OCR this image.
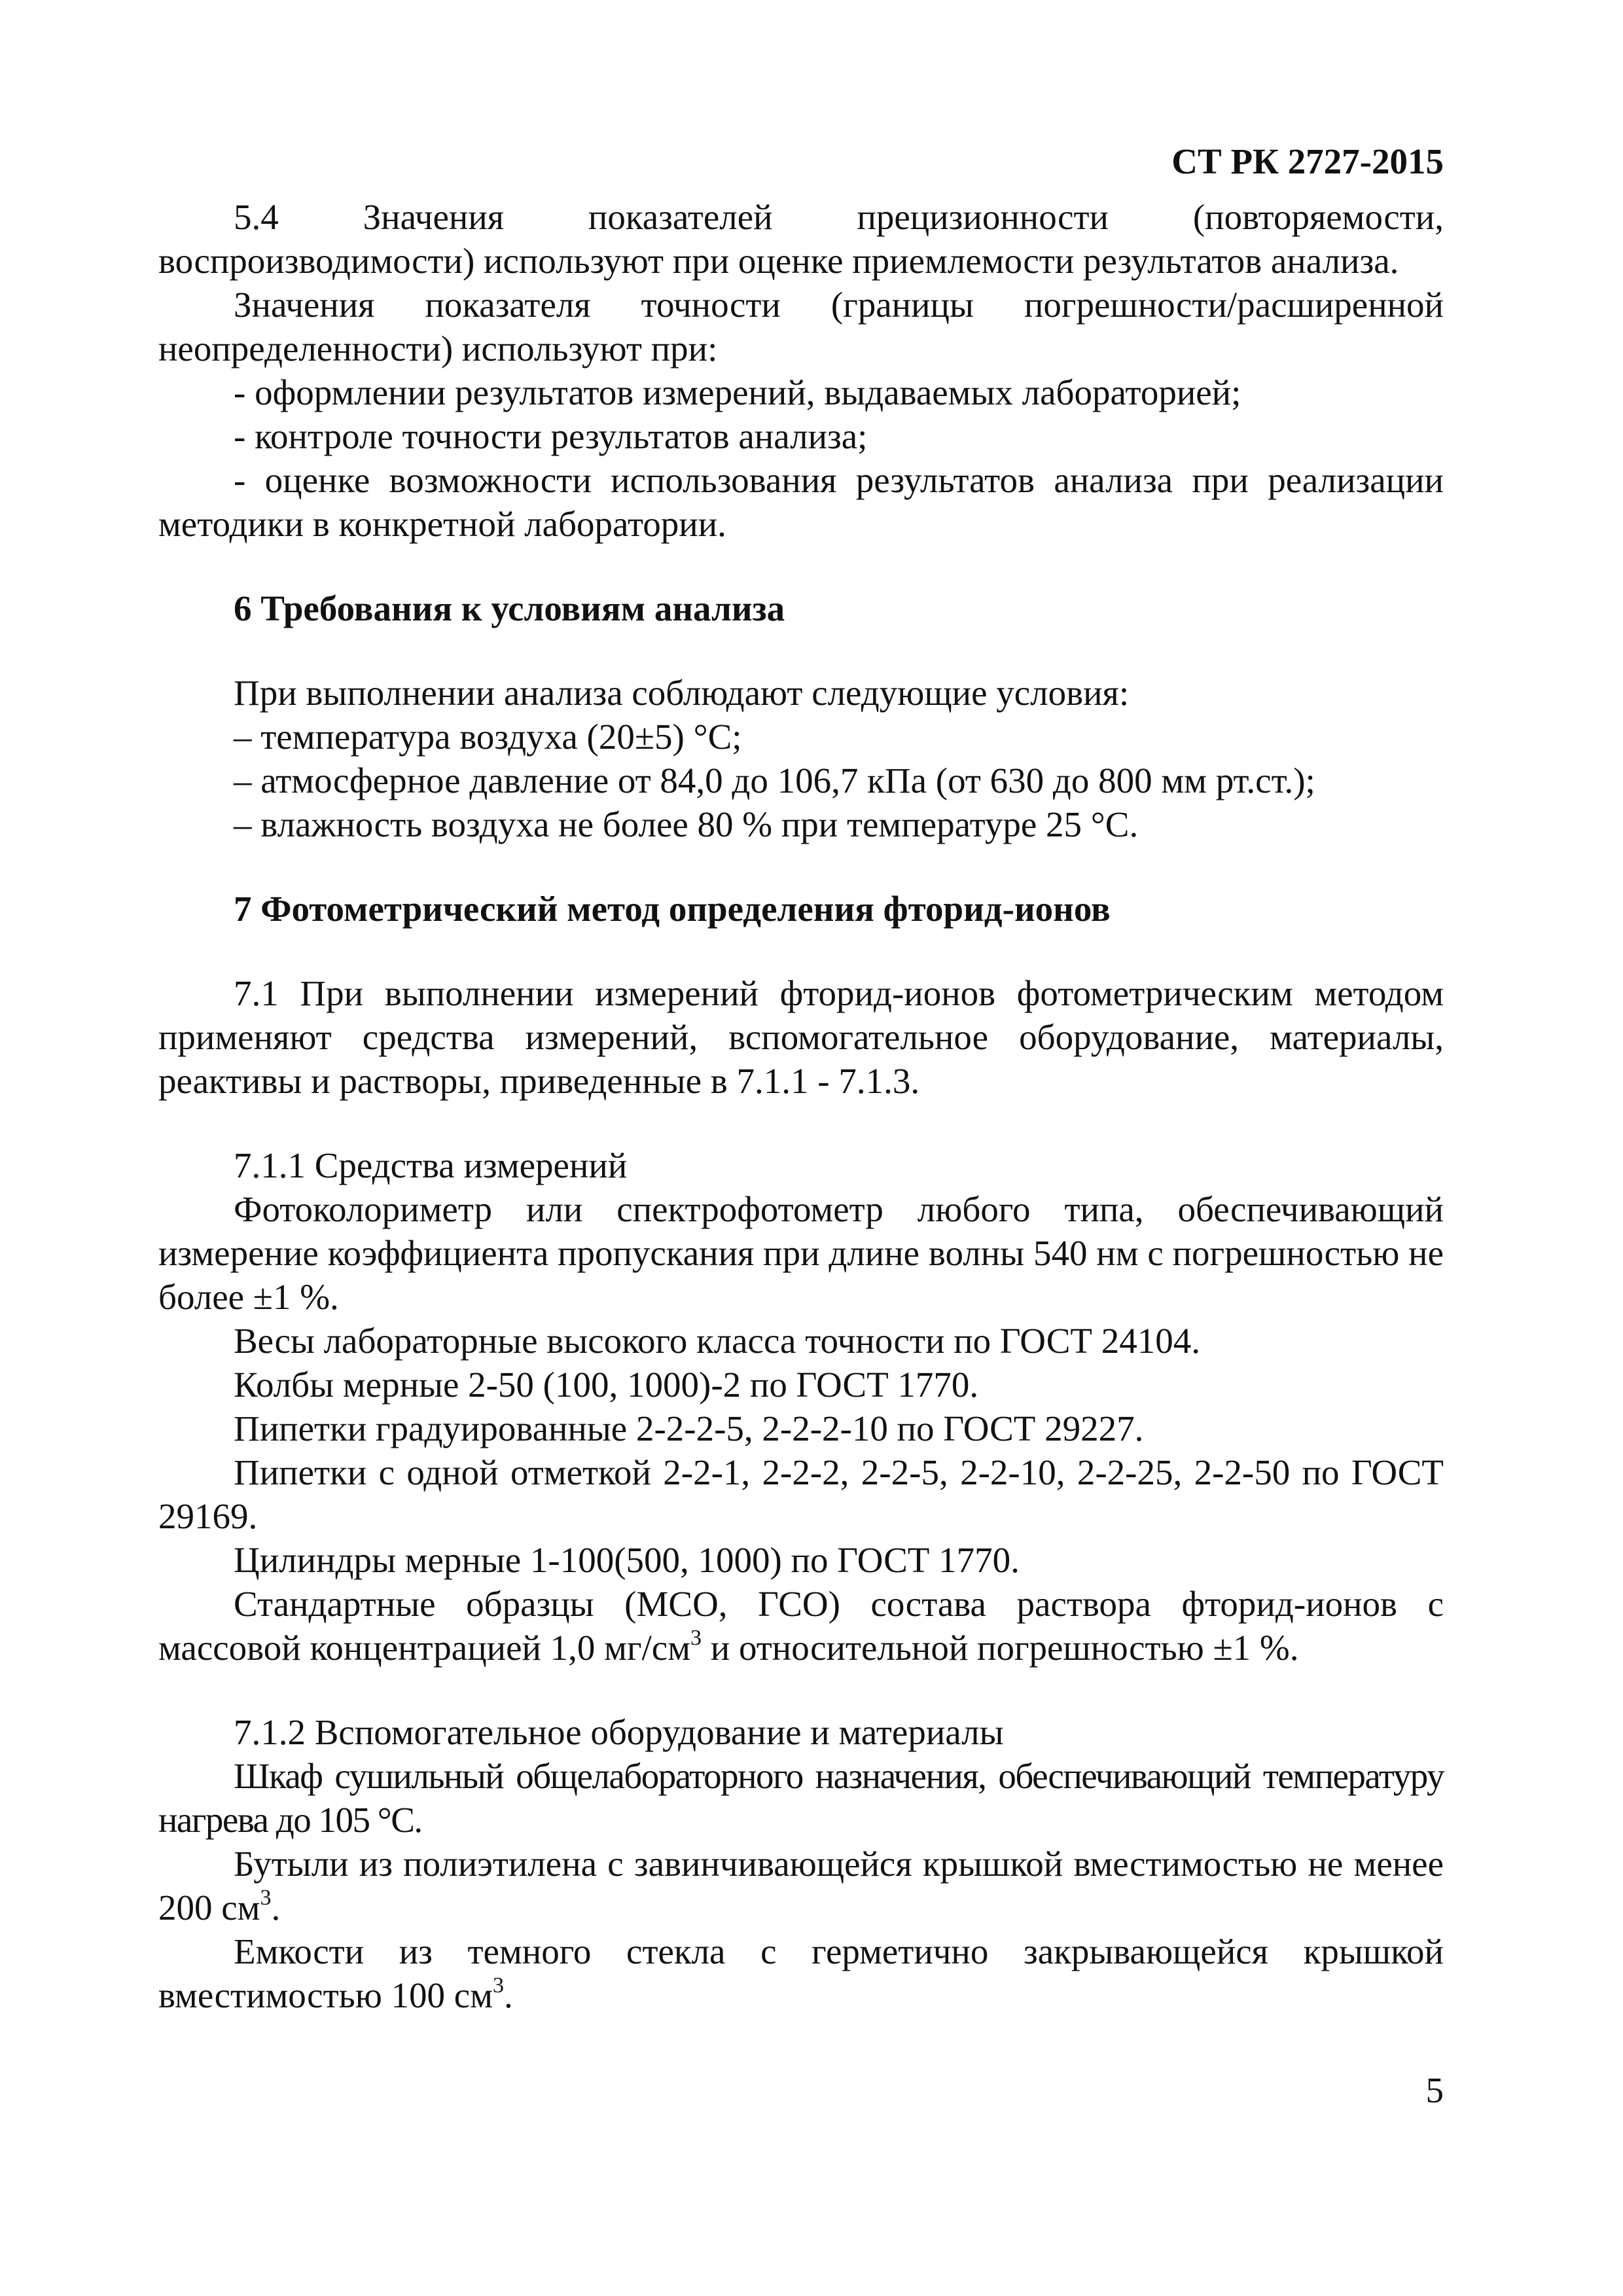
СТ РК 2727-2015

5.4 Значения показателей прецизионности (повторяемости, воспроизводимости) используют при оценке приемлемости результатов анализа.

Значения показателя точности (границы погрешности/расширенной неопределенности) используют при:

- оформлении результатов измерений, выдаваемых лабораторией;

- контроле точности результатов анализа;

- оценке возможности использования результатов анализа при реализации методики в конкретной лаборатории.

6 Требования к условиям анализа

При выполнении анализа соблюдают следующие условия:

– температура воздуха (20±5) °С;

– атмосферное давление от 84,0 до 106,7 кПа (от 630 до 800 мм рт.ст.);

– влажность воздуха не более 80 % при температуре 25 °С.

7 Фотометрический метод определения фторид-ионов

7.1 При выполнении измерений фторид-ионов фотометрическим методом применяют средства измерений, вспомогательное оборудование, материалы, реактивы и растворы, приведенные в 7.1.1 - 7.1.3.

7.1.1 Средства измерений

Фотоколориметр или спектрофотометр любого типа, обеспечивающий измерение коэффициента пропускания при длине волны 540 нм с погрешностью не более ±1 %.

Весы лабораторные высокого класса точности по ГОСТ 24104.

Колбы мерные 2-50 (100, 1000)-2 по ГОСТ 1770.

Пипетки градуированные 2-2-2-5, 2-2-2-10 по ГОСТ 29227.

Пипетки с одной отметкой 2-2-1, 2-2-2, 2-2-5, 2-2-10, 2-2-25, 2-2-50 по ГОСТ 29169.

Цилиндры мерные 1-100(500, 1000) по ГОСТ 1770.

Стандартные образцы (МСО, ГСО) состава раствора фторид-ионов с массовой концентрацией 1,0 $мг/см^3$ и относительной погрешностью ±1 %.

7.1.2 Вспомогательное оборудование и материалы

Шкаф сушильный общелабораторного назначения, обеспечивающий температуру нагрева до 105 °С.

Бутыли из полиэтилена с завинчивающейся крышкой вместимостью не менее 200 $см^3$.

Емкости из темного стекла с герметично закрывающейся крышкой вместимостью 100 $см^3$.

5
